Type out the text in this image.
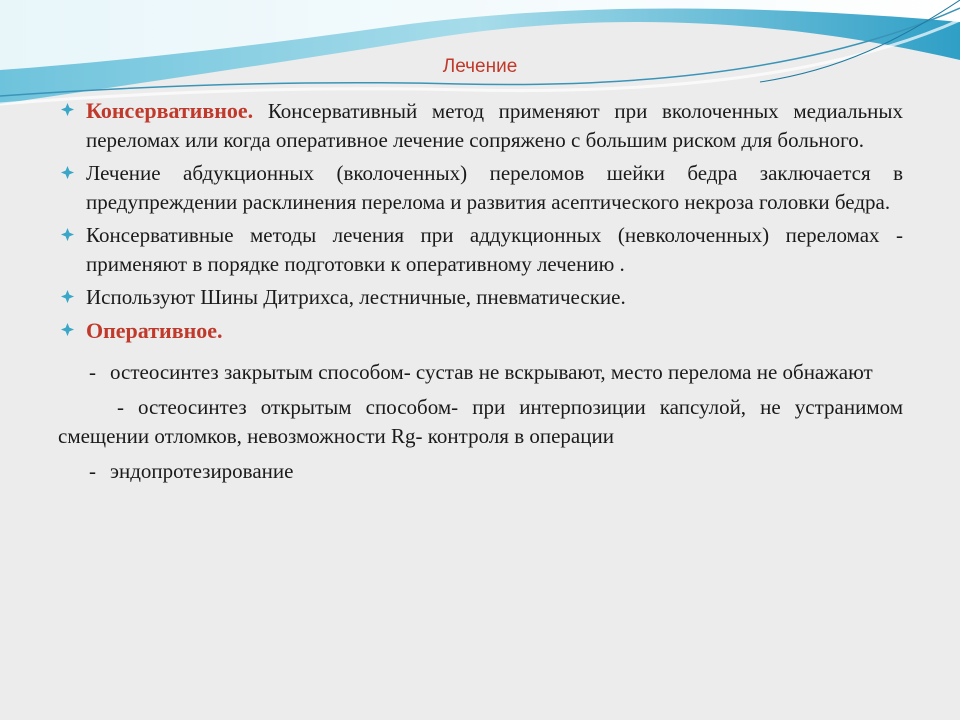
Лечение
Консервативное. Консервативный метод применяют при вколоченных медиальных переломах или когда оперативное лечение сопряжено с большим риском для больного.
Лечение абдукционных (вколоченных) переломов шейки бедра заключается в предупреждении расклинения перелома и развития асептического некроза головки бедра.
Консервативные методы лечения при аддукционных (невколоченных) переломах - применяют в порядке подготовки к оперативному лечению .
Используют Шины Дитрихса, лестничные, пневматические.
Оперативное.
- остеосинтез закрытым способом- сустав не вскрывают, место перелома не обнажают
- остеосинтез открытым способом- при интерпозиции капсулой, не устранимом смещении отломков, невозможности Rg- контроля в операции
- эндопротезирование
